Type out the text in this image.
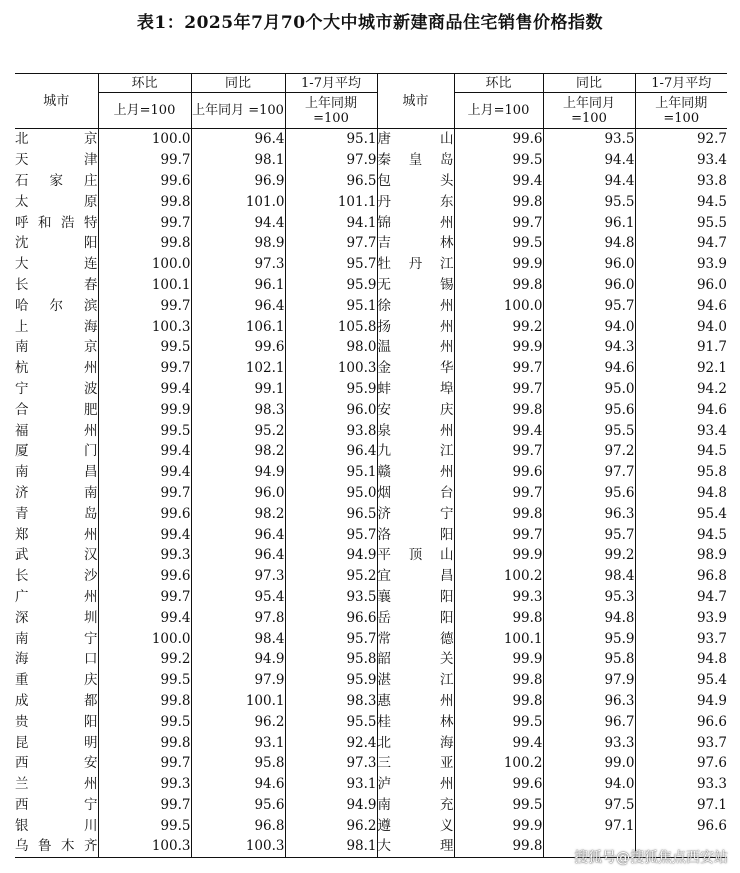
表1：2025年7月70个大中城市新建商品住宅销售价格指数
城市	环比	同比	1-7月平均	城市	环比	同比	1-7月平均
	上月=100	上年同月 =100	上年同期 =100		上月=100	上年同月 =100	上年同期 =100
北京	100.0	96.4	95.1	唐山	99.6	93.5	92.7
天津	99.7	98.1	97.9	秦皇岛	99.5	94.4	93.4
石家庄	99.6	96.9	96.5	包头	99.4	94.4	93.8
太原	99.8	101.0	101.1	丹东	99.8	95.5	94.5
呼和浩特	99.7	94.4	94.1	锦州	99.7	96.1	95.5
沈阳	99.8	98.9	97.7	吉林	99.5	94.8	94.7
大连	100.0	97.3	95.7	牡丹江	99.9	96.0	93.9
长春	100.1	96.1	95.9	无锡	99.8	96.0	96.0
哈尔滨	99.7	96.4	95.1	徐州	100.0	95.7	94.6
上海	100.3	106.1	105.8	扬州	99.2	94.0	94.0
南京	99.5	99.6	98.0	温州	99.9	94.3	91.7
杭州	99.7	102.1	100.3	金华	99.7	94.6	92.1
宁波	99.4	99.1	95.9	蚌埠	99.7	95.0	94.2
合肥	99.9	98.3	96.0	安庆	99.8	95.6	94.6
福州	99.5	95.2	93.8	泉州	99.4	95.5	93.4
厦门	99.4	98.2	96.4	九江	99.7	97.2	94.5
南昌	99.4	94.9	95.1	赣州	99.6	97.7	95.8
济南	99.7	96.0	95.0	烟台	99.7	95.6	94.8
青岛	99.6	98.2	96.5	济宁	99.8	96.3	95.4
郑州	99.4	96.4	95.7	洛阳	99.7	95.7	94.5
武汉	99.3	96.4	94.9	平顶山	99.9	99.2	98.9
长沙	99.6	97.3	95.2	宜昌	100.2	98.4	96.8
广州	99.7	95.4	93.5	襄阳	99.3	95.3	94.7
深圳	99.4	97.8	96.6	岳阳	99.8	94.8	93.9
南宁	100.0	98.4	95.7	常德	100.1	95.9	93.7
海口	99.2	94.9	95.8	韶关	99.9	95.8	94.8
重庆	99.5	97.9	95.9	湛江	99.8	97.9	95.4
成都	99.8	100.1	98.3	惠州	99.8	96.3	94.9
贵阳	99.5	96.2	95.5	桂林	99.5	96.7	96.6
昆明	99.8	93.1	92.4	北海	99.4	93.3	93.7
西安	99.7	95.8	97.3	三亚	100.2	99.0	97.6
兰州	99.3	94.6	93.1	泸州	99.6	94.0	93.3
西宁	99.7	95.6	94.9	南充	99.5	97.5	97.1
银川	99.5	96.8	96.2	遵义	99.9	97.1	96.6
乌鲁木齐	100.3	100.3	98.1	大理	99.8		
搜狐号@搜狐焦点西安站
